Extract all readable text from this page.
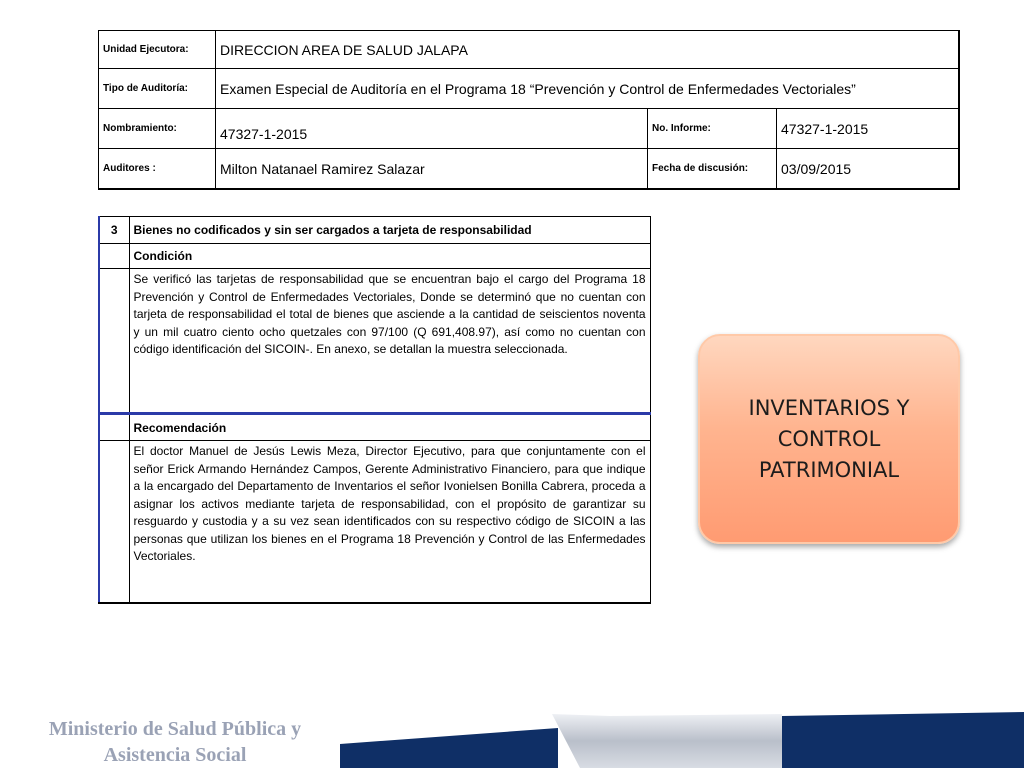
Unidad Ejecutora:	DIRECCION AREA DE SALUD JALAPA		
Tipo de Auditoría:	Examen Especial de Auditoría en el Programa 18 “Prevención y Control de Enfermedades Vectoriales”		
Nombramiento:	47327-1-2015	No. Informe:	47327-1-2015
Auditores :	Milton Natanael Ramirez Salazar	Fecha de discusión:	03/09/2015
3	Bienes no codificados y sin ser cargados a tarjeta de responsabilidad
	Condición
	Se verificó las tarjetas de responsabilidad que se encuentran bajo el cargo del Programa 18 Prevención y Control de Enfermedades Vectoriales, Donde se determinó que no cuentan con tarjeta de responsabilidad el total de bienes que asciende a la cantidad de seiscientos noventa y un mil cuatro ciento ocho quetzales con 97/100 (Q 691,408.97), así como no cuentan con código identificación del SICOIN-. En anexo, se detallan la muestra seleccionada.
	Recomendación
	El doctor Manuel de Jesús Lewis Meza, Director Ejecutivo, para que conjuntamente con el señor Erick Armando Hernández Campos, Gerente Administrativo Financiero, para que indique a la encargado del Departamento de Inventarios el señor Ivonielsen Bonilla Cabrera, proceda a asignar los activos mediante tarjeta de responsabilidad, con el propósito de garantizar su resguardo y custodia y a su vez sean identificados con su respectivo código de SICOIN a las personas que utilizan los bienes en el Programa 18 Prevención y Control de las Enfermedades Vectoriales.
INVENTARIOS Y
CONTROL
PATRIMONIAL
Ministerio de Salud Pública y
Asistencia Social
